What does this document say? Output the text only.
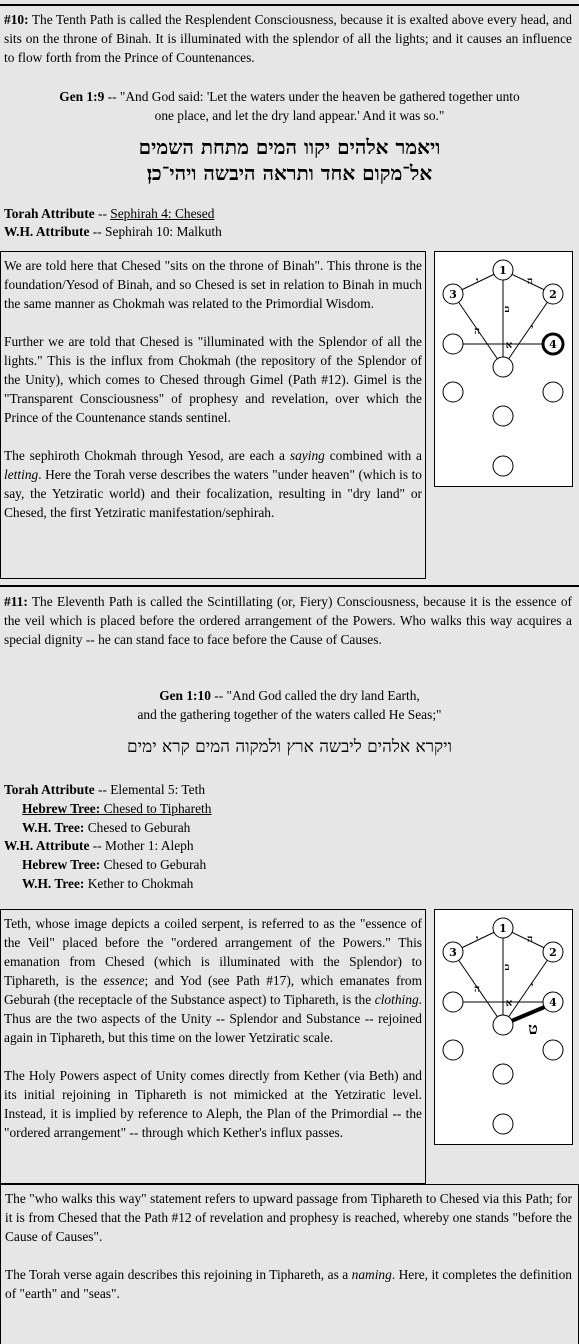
#10: The Tenth Path is called the Resplendent Consciousness, because it is exalted above every head, and sits on the throne of Binah. It is illuminated with the splendor of all the lights; and it causes an influence to flow forth from the Prince of Countenances.

Gen 1:9 -- "And God said: 'Let the waters under the heaven be gathered together unto
one place, and let the dry land appear.' And it was so."
ויאמר אלהים יקוו המים מתחת השמים
אל־מקום אחד ותראה היבשה ויהי־כן׃
Torah Attribute -- Sephirah 4: Chesed
W.H. Attribute -- Sephirah 10: Malkuth

We are told here that Chesed "sits on the throne of Binah". This throne is the foundation/Yesod of Binah, and so Chesed is set in relation to Binah in much the same manner as Chokmah was related to the Primordial Wisdom.

Further we are told that Chesed is "illuminated with the Splendor of all the lights." This is the influx from Chokmah (the repository of the Splendor of the Unity), which comes to Chesed through Gimel (Path #12). Gimel is the "Transparent Consciousness" of prophesy and revelation, over which the Prince of the Countenance stands sentinel.

The sephiroth Chokmah through Yesod, are each a saying combined with a letting. Here the Torah verse describes the waters "under heaven" (which is to say, the Yetziratic world) and their focalization, resulting in "dry land" or Chesed, the first Yetziratic manifestation/sephirah.

1
3	2
4
י	ה
ב
ה	י
א

#11: The Eleventh Path is called the Scintillating (or, Fiery) Consciousness, because it is the essence of the veil which is placed before the ordered arrangement of the Powers. Who walks this way acquires a special dignity -- he can stand face to face before the Cause of Causes.

Gen 1:10 -- "And God called the dry land Earth,
and the gathering together of the waters called He Seas;"
ויקרא אלהים ליבשה ארץ ולמקוה המים קרא ימים
Torah Attribute -- Elemental 5: Teth
Hebrew Tree: Chesed to Tiphareth
W.H. Tree: Chesed to Geburah
W.H. Attribute -- Mother 1: Aleph
Hebrew Tree: Chesed to Geburah
W.H. Tree: Kether to Chokmah

Teth, whose image depicts a coiled serpent, is referred to as the "essence of the Veil" placed before the "ordered arrangement of the Powers." This emanation from Chesed (which is illuminated with the Splendor) to Tiphareth, is the essence; and Yod (see Path #17), which emanates from Geburah (the receptacle of the Substance aspect) to Tiphareth, is the clothing. Thus are the two aspects of the Unity -- Splendor and Substance -- rejoined again in Tiphareth, but this time on the lower Yetziratic scale.

The Holy Powers aspect of Unity comes directly from Kether (via Beth) and its initial rejoining in Tiphareth is not mimicked at the Yetziratic level. Instead, it is implied by reference to Aleph, the Plan of the Primordial -- the "ordered arrangement" -- through which Kether's influx passes.

1
3	2
4
י	ה
ב
ה	י
א
ט

The "who walks this way" statement refers to upward passage from Tiphareth to Chesed via this Path; for it is from Chesed that the Path #12 of revelation and prophesy is reached, whereby one stands "before the Cause of Causes".

The Torah verse again describes this rejoining in Tiphareth, as a naming. Here, it completes the definition of "earth" and "seas".
